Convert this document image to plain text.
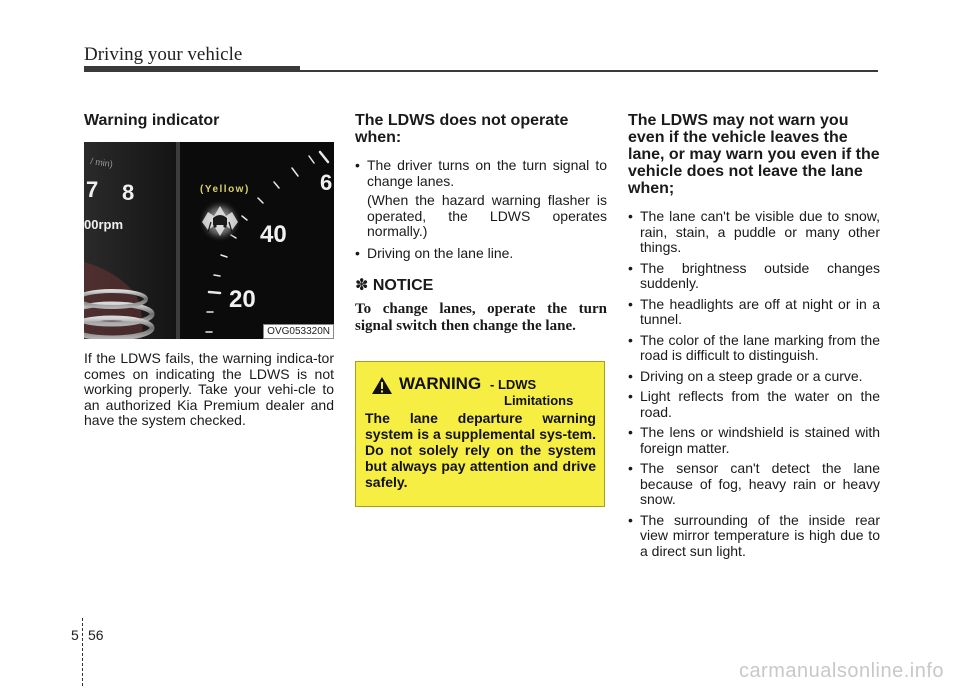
Driving your vehicle
Warning indicator
40
20
6
7 8
00rpm
/ min)
(Yellow)
OVG053320N

If the LDWS fails, the warning indica-tor comes on indicating the LDWS is not working properly. Take your vehi-cle to an authorized Kia Premium dealer and have the system checked.

The LDWS does not operate when:
• The driver turns on the turn signal to change lanes.
(When the hazard warning flasher is operated, the LDWS operates normally.)
• Driving on the lane line.
✽ NOTICE
To change lanes, operate the turn signal switch then change the lane.
WARNING - LDWS
Limitations
The lane departure warning system is a supplemental sys-tem. Do not solely rely on the system but always pay attention and drive safely.
The LDWS may not warn you even if the vehicle leaves the lane, or may warn you even if the vehicle does not leave the lane when;
• The lane can't be visible due to snow, rain, stain, a puddle or many other things.
• The brightness outside changes suddenly.
• The headlights are off at night or in a tunnel.
• The color of the lane marking from the road is difficult to distinguish.
• Driving on a steep grade or a curve.
• Light reflects from the water on the road.
• The lens or windshield is stained with foreign matter.
• The sensor can't detect the lane because of fog, heavy rain or heavy snow.
• The surrounding of the inside rear view mirror temperature is high due to a direct sun light.
5 56
carmanualsonline.info
